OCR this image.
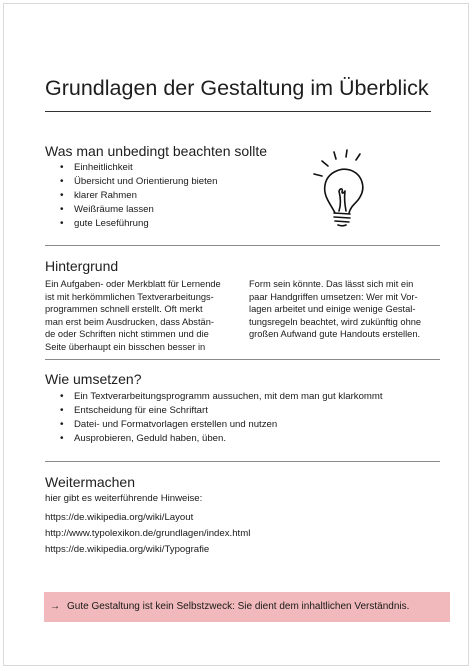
Grundlagen der Gestaltung im Überblick
Was man unbedingt beachten sollte
• Einheitlichkeit
• Übersicht und Orientierung bieten
• klarer Rahmen
• Weißräume lassen
• gute Leseführung
Hintergrund
Ein Aufgaben- oder Merkblatt für Lernende
ist mit herkömmlichen Textverarbeitungs-
programmen schnell erstellt. Oft merkt
man erst beim Ausdrucken, dass Abstän-
de oder Schriften nicht stimmen und die
Seite überhaupt ein bisschen besser in
Form sein könnte. Das lässt sich mit ein
paar Handgriffen umsetzen: Wer mit Vor-
lagen arbeitet und einige wenige Gestal-
tungsregeln beachtet, wird zukünftig ohne
großen Aufwand gute Handouts erstellen.
Wie umsetzen?
• Ein Textverarbeitungsprogramm aussuchen, mit dem man gut klarkommt
• Entscheidung für eine Schriftart
• Datei- und Formatvorlagen erstellen und nutzen
• Ausprobieren, Geduld haben, üben.
Weitermachen
hier gibt es weiterführende Hinweise:
https://de.wikipedia.org/wiki/Layout
http://www.typolexikon.de/grundlagen/index.html
https://de.wikipedia.org/wiki/Typografie
→ Gute Gestaltung ist kein Selbstzweck: Sie dient dem inhaltlichen Verständnis.
